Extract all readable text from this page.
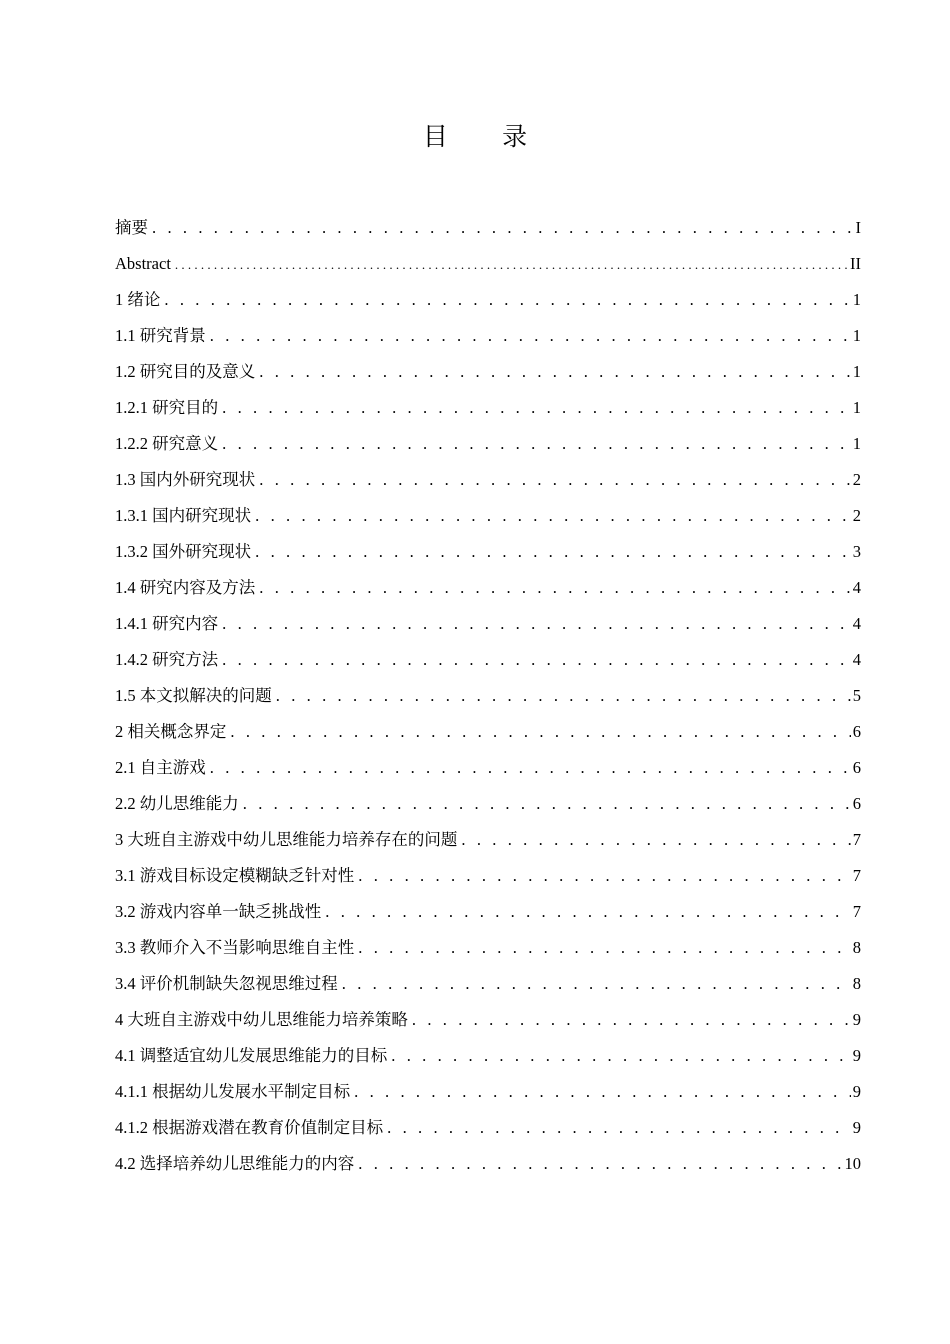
目 录
摘要 . . .	I
Abstract . . .	II
1 绪论 . . .	1
1.1 研究背景 . . .	1
1.2 研究目的及意义 . . .	1
1.2.1 研究目的 . . .	1
1.2.2 研究意义 . . .	1
1.3 国内外研究现状 . . .	2
1.3.1 国内研究现状 . . .	2
1.3.2 国外研究现状 . . .	3
1.4 研究内容及方法 . . .	4
1.4.1 研究内容 . . .	4
1.4.2 研究方法 . . .	4
1.5 本文拟解决的问题 . . .	5
2 相关概念界定 . . .	6
2.1 自主游戏 . . .	6
2.2 幼儿思维能力 . . .	6
3 大班自主游戏中幼儿思维能力培养存在的问题 . . .	7
3.1 游戏目标设定模糊缺乏针对性 . . .	7
3.2 游戏内容单一缺乏挑战性 . . .	7
3.3 教师介入不当影响思维自主性 . . .	8
3.4 评价机制缺失忽视思维过程 . . .	8
4 大班自主游戏中幼儿思维能力培养策略 . . .	9
4.1 调整适宜幼儿发展思维能力的目标 . . .	9
4.1.1 根据幼儿发展水平制定目标 . . .	9
4.1.2 根据游戏潜在教育价值制定目标 . . .	9
4.2 选择培养幼儿思维能力的内容 . . .	10
